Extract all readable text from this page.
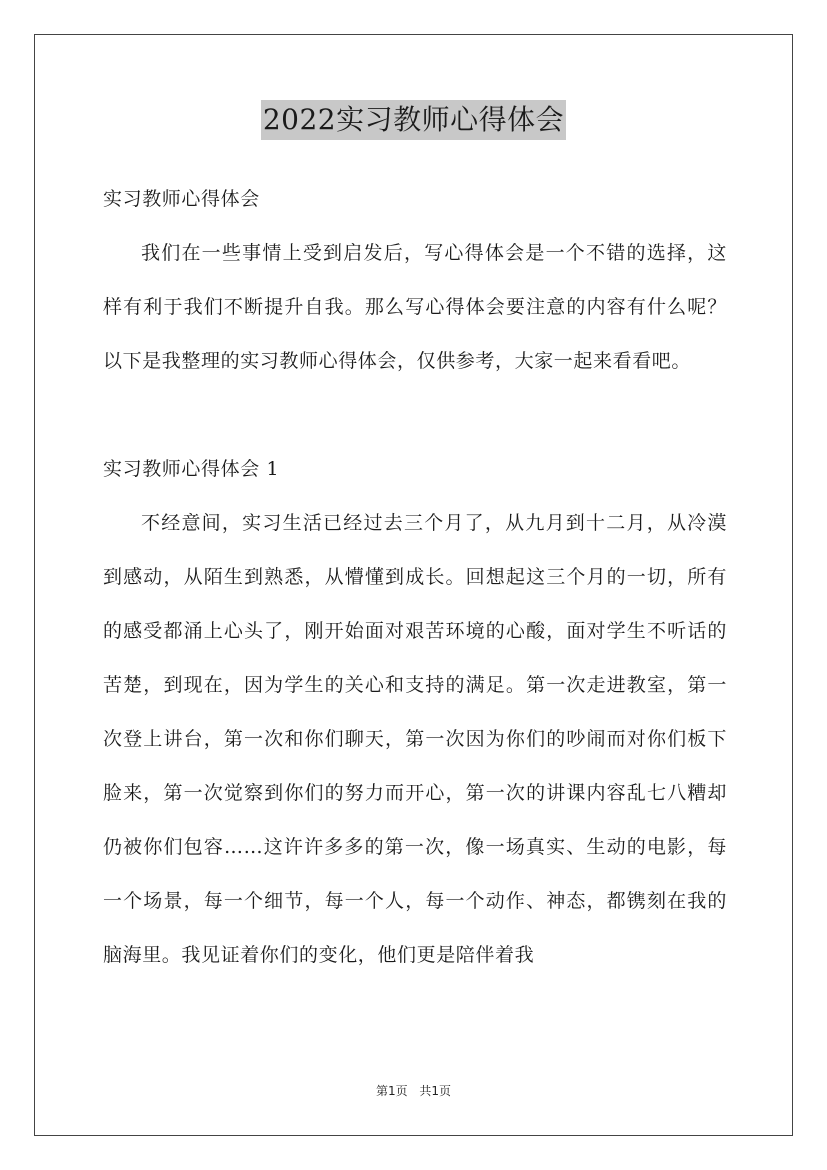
2022实习教师心得体会

实习教师心得体会

我们在一些事情上受到启发后，写心得体会是一个不错的选择，这样有利于我们不断提升自我。那么写心得体会要注意的内容有什么呢？以下是我整理的实习教师心得体会，仅供参考，大家一起来看看吧。

实习教师心得体会 1

不经意间，实习生活已经过去三个月了，从九月到十二月，从冷漠到感动，从陌生到熟悉，从懵懂到成长。回想起这三个月的一切，所有的感受都涌上心头了，刚开始面对艰苦环境的心酸，面对学生不听话的苦楚，到现在，因为学生的关心和支持的满足。第一次走进教室，第一次登上讲台，第一次和你们聊天，第一次因为你们的吵闹而对你们板下脸来，第一次觉察到你们的努力而开心，第一次的讲课内容乱七八糟却仍被你们包容……这许许多多的第一次，像一场真实、生动的电影，每一个场景，每一个细节，每一个人，每一个动作、神态，都镌刻在我的脑海里。我见证着你们的变化，他们更是陪伴着我

第1页 共1页
